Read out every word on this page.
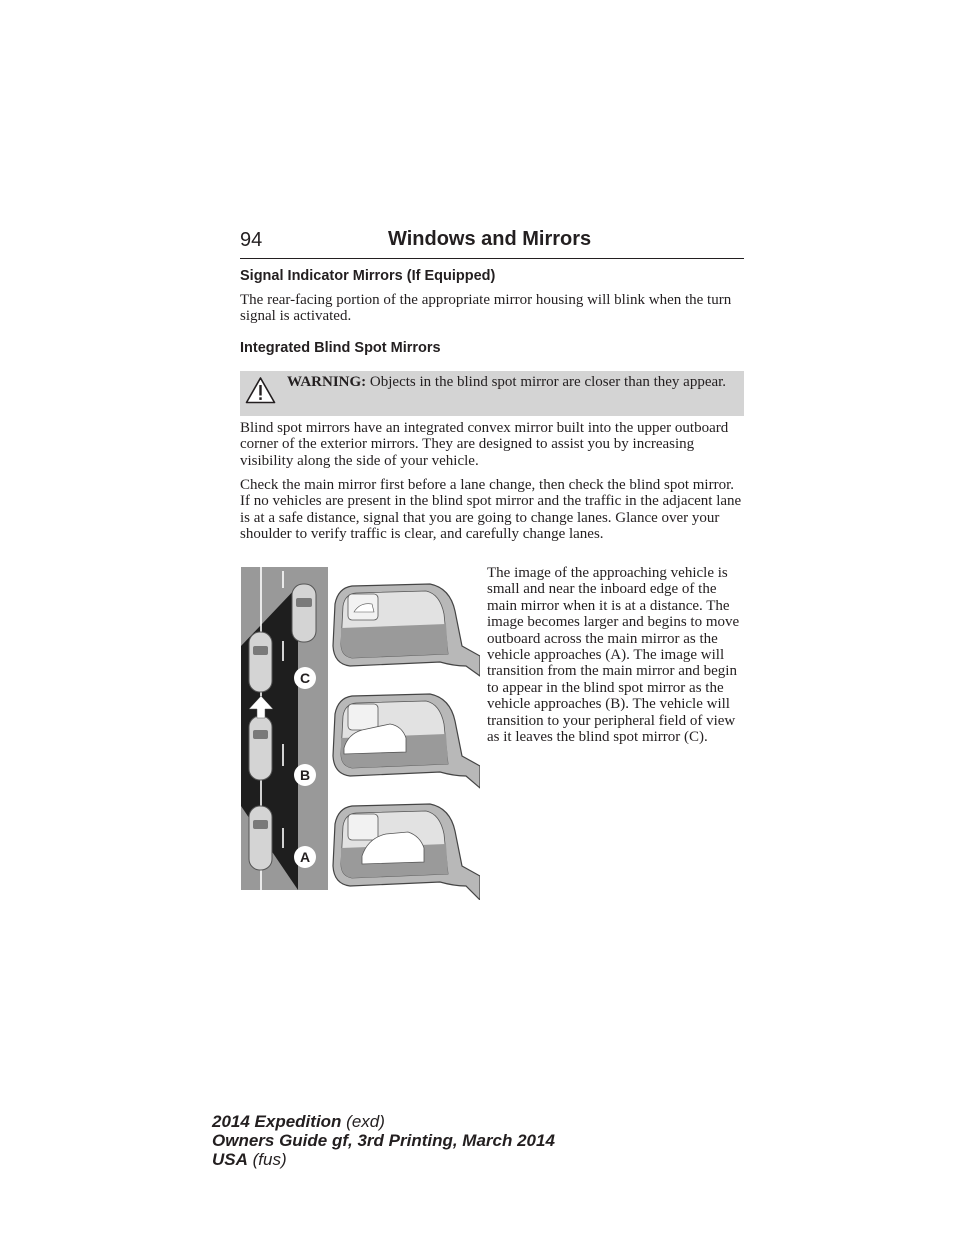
94	Windows and Mirrors
Signal Indicator Mirrors (If Equipped)

The rear-facing portion of the appropriate mirror housing will blink when the turn signal is activated.

Integrated Blind Spot Mirrors
WARNING: Objects in the blind spot mirror are closer than they appear.

Blind spot mirrors have an integrated convex mirror built into the upper outboard corner of the exterior mirrors. They are designed to assist you by increasing visibility along the side of your vehicle.

Check the main mirror first before a lane change, then check the blind spot mirror. If no vehicles are present in the blind spot mirror and the traffic in the adjacent lane is at a safe distance, signal that you are going to change lanes. Glance over your shoulder to verify traffic is clear, and carefully change lanes.

C
B
A

The image of the approaching vehicle is small and near the inboard edge of the main mirror when it is at a distance. The image becomes larger and begins to move outboard across the main mirror as the vehicle approaches (A). The image will transition from the main mirror and begin to appear in the blind spot mirror as the vehicle approaches (B). The vehicle will transition to your peripheral field of view as it leaves the blind spot mirror (C).

2014 Expedition (exd)
Owners Guide gf, 3rd Printing, March 2014
USA (fus)
